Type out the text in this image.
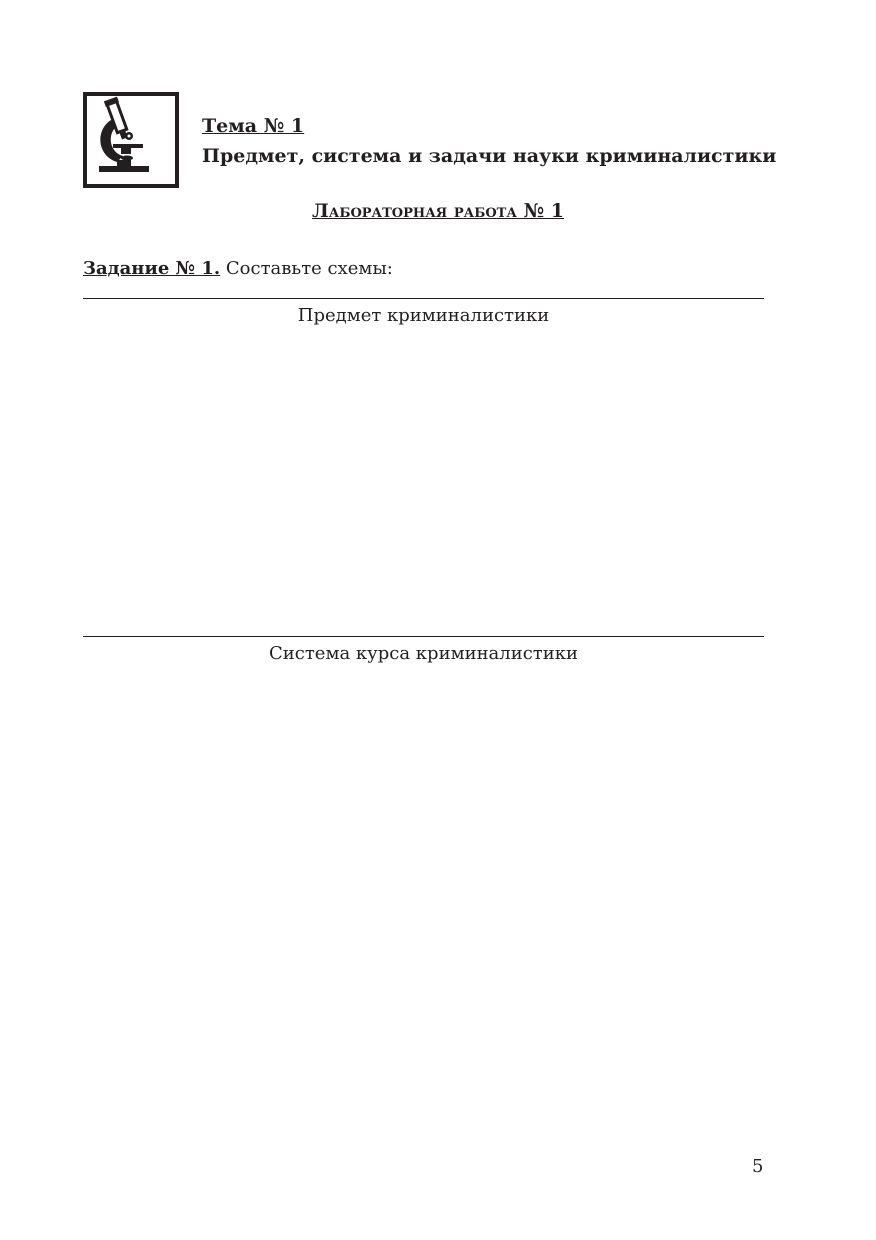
Тема № 1
Предмет, система и задачи науки криминалистики
Лабораторная работа № 1
Задание № 1. Составьте схемы:
Предмет криминалистики
Система курса криминалистики
5
